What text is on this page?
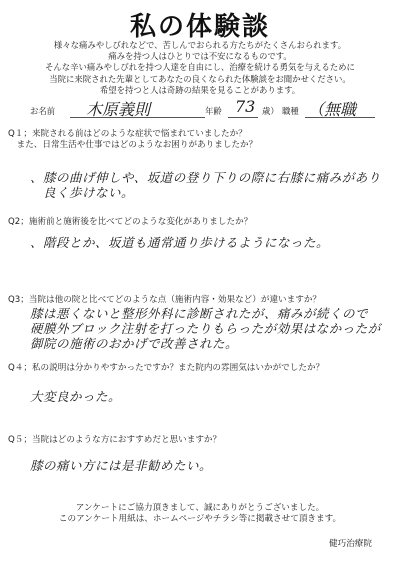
私の体験談
様々な痛みやしびれなどで、苦しんでおられる方たちがたくさんおられます。
痛みを持つ人はひとりでは不安になるものです。
そんな辛い痛みやしびれを持つ人達を自由にし、治療を続ける勇気を与えるために
当院に来院された先輩としてあなたの良くなられた体験談をお聞かせください。
希望を持つと人は奇跡の結果を見ることがあります。
お名前 木原義則	年齢 73 歳） 職種 （無職
Q１；来院される前はどのような症状で悩まれていましたか？
　また、日常生活や仕事ではどのようなお困りがありましたか？
、膝の曲げ伸しや、坂道の登り下りの際に右膝に痛みがあり
　良く歩けない。
Q2；施術前と施術後を比べてどのような変化がありましたか？
、階段とか、坂道も通常通り歩けるようになった。
Q3；当院は他の院と比べてどのような点（施術内容・効果など）が違いますか？
膝は悪くないと整形外科に診断されたが、痛みが続くので
硬膜外ブロック注射を打ったりもらったが効果はなかったが
御院の施術のおかげで改善された。
Q４；私の説明は分かりやすかったですか？また院内の雰囲気はいかがでしたか？
大変良かった。
Q５；当院はどのような方におすすめだと思いますか？
膝の痛い方には是非勧めたい。
アンケートにご協力頂きまして、誠にありがとうございました。
このアンケート用紙は、ホームページやチラシ等に掲載させて頂きます。
健巧治療院
